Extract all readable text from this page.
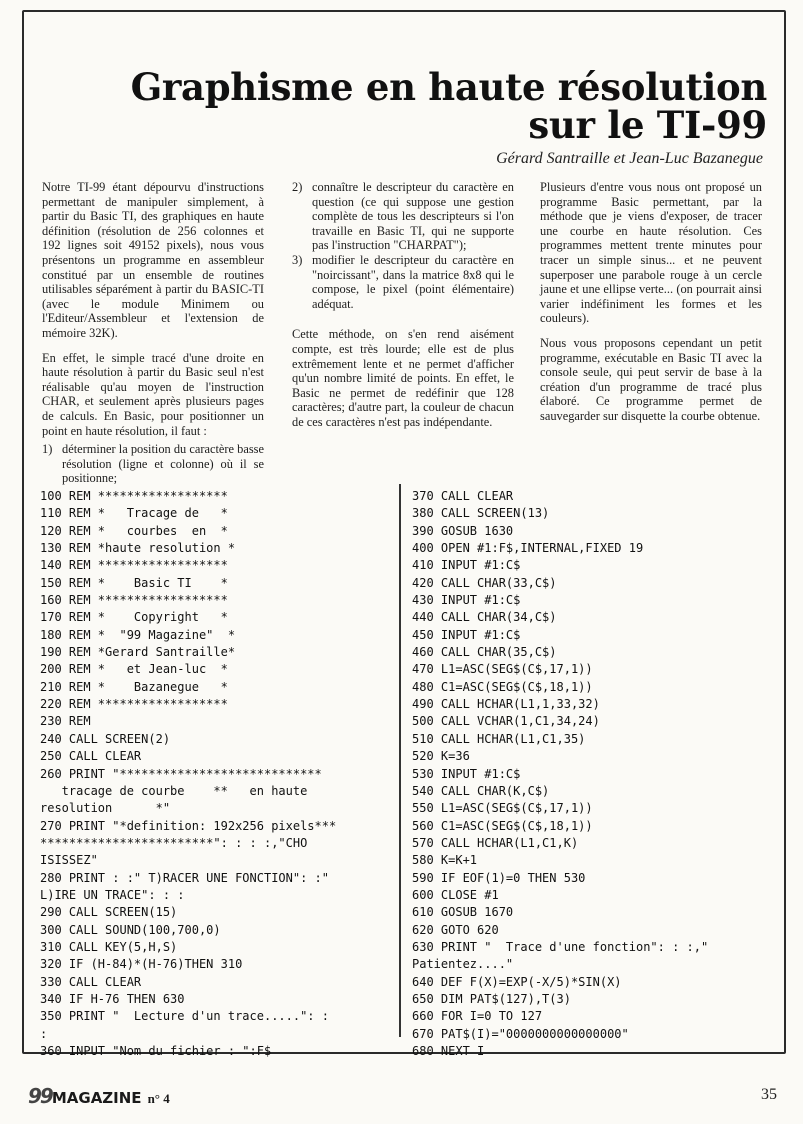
Graphisme en haute résolution
sur le TI-99
Gérard Santraille et Jean-Luc Bazanegue

Notre TI-99 étant dépourvu d'instructions permettant de manipuler simplement, à partir du Basic TI, des graphiques en haute définition (résolution de 256 colonnes et 192 lignes soit 49152 pixels), nous vous présentons un programme en assembleur constitué par un ensemble de routines utilisables séparément à partir du BASIC-TI (avec le module Minimem ou l'Editeur/Assembleur et l'extension de mémoire 32K).

En effet, le simple tracé d'une droite en haute résolution à partir du Basic seul n'est réalisable qu'au moyen de l'instruction CHAR, et seulement après plusieurs pages de calculs. En Basic, pour positionner un point en haute résolution, il faut :

1) déterminer la position du caractère basse résolution (ligne et colonne) où il se positionne;
2) connaître le descripteur du caractère en question (ce qui suppose une gestion complète de tous les descripteurs si l'on travaille en Basic TI, qui ne supporte pas l'instruction "CHARPAT");
3) modifier le descripteur du caractère en "noircissant", dans la matrice 8x8 qui le compose, le pixel (point élémentaire) adéquat.

Cette méthode, on s'en rend aisément compte, est très lourde; elle est de plus extrêmement lente et ne permet d'afficher qu'un nombre limité de points. En effet, le Basic ne permet de redéfinir que 128 caractères; d'autre part, la couleur de chacun de ces caractères n'est pas indépendante.

Plusieurs d'entre vous nous ont proposé un programme Basic permettant, par la méthode que je viens d'exposer, de tracer une courbe en haute résolution. Ces programmes mettent trente minutes pour tracer un simple sinus... et ne peuvent superposer une parabole rouge à un cercle jaune et une ellipse verte... (on pourrait ainsi varier indéfiniment les formes et les couleurs).

Nous vous proposons cependant un petit programme, exécutable en Basic TI avec la console seule, qui peut servir de base à la création d'un programme de tracé plus élaboré. Ce programme permet de sauvegarder sur disquette la courbe obtenue.

100 REM ******************
110 REM *   Tracage de   *
120 REM *   courbes  en  *
130 REM *haute resolution *
140 REM ******************
150 REM *    Basic TI    *
160 REM ******************
170 REM *    Copyright   *
180 REM *  "99 Magazine"  *
190 REM *Gerard Santraille*
200 REM *   et Jean-luc  *
210 REM *    Bazanegue   *
220 REM ******************
230 REM
240 CALL SCREEN(2)
250 CALL CLEAR
260 PRINT "****************************
tracage de courbe    **   en haute
resolution      *"
270 PRINT "*definition: 192x256 pixels***
************************": : : :,"CHO
ISISSEZ"
280 PRINT : :" T)RACER UNE FONCTION": :"
L)IRE UN TRACE": : :
290 CALL SCREEN(15)
300 CALL SOUND(100,700,0)
310 CALL KEY(5,H,S)
320 IF (H-84)*(H-76)THEN 310
330 CALL CLEAR
340 IF H-76 THEN 630
350 PRINT "  Lecture d'un trace.....": :
:
360 INPUT "Nom du fichier : ":F$
370 CALL CLEAR
380 CALL SCREEN(13)
390 GOSUB 1630
400 OPEN #1:F$,INTERNAL,FIXED 19
410 INPUT #1:C$
420 CALL CHAR(33,C$)
430 INPUT #1:C$
440 CALL CHAR(34,C$)
450 INPUT #1:C$
460 CALL CHAR(35,C$)
470 L1=ASC(SEG$(C$,17,1))
480 C1=ASC(SEG$(C$,18,1))
490 CALL HCHAR(L1,1,33,32)
500 CALL VCHAR(1,C1,34,24)
510 CALL HCHAR(L1,C1,35)
520 K=36
530 INPUT #1:C$
540 CALL CHAR(K,C$)
550 L1=ASC(SEG$(C$,17,1))
560 C1=ASC(SEG$(C$,18,1))
570 CALL HCHAR(L1,C1,K)
580 K=K+1
590 IF EOF(1)=0 THEN 530
600 CLOSE #1
610 GOSUB 1670
620 GOTO 620
630 PRINT "  Trace d'une fonction": : :,"
Patientez...."
640 DEF F(X)=EXP(-X/5)*SIN(X)
650 DIM PAT$(127),T(3)
660 FOR I=0 TO 127
670 PAT$(I)="0000000000000000"
680 NEXT I
99MAGAZINE n° 4	35
